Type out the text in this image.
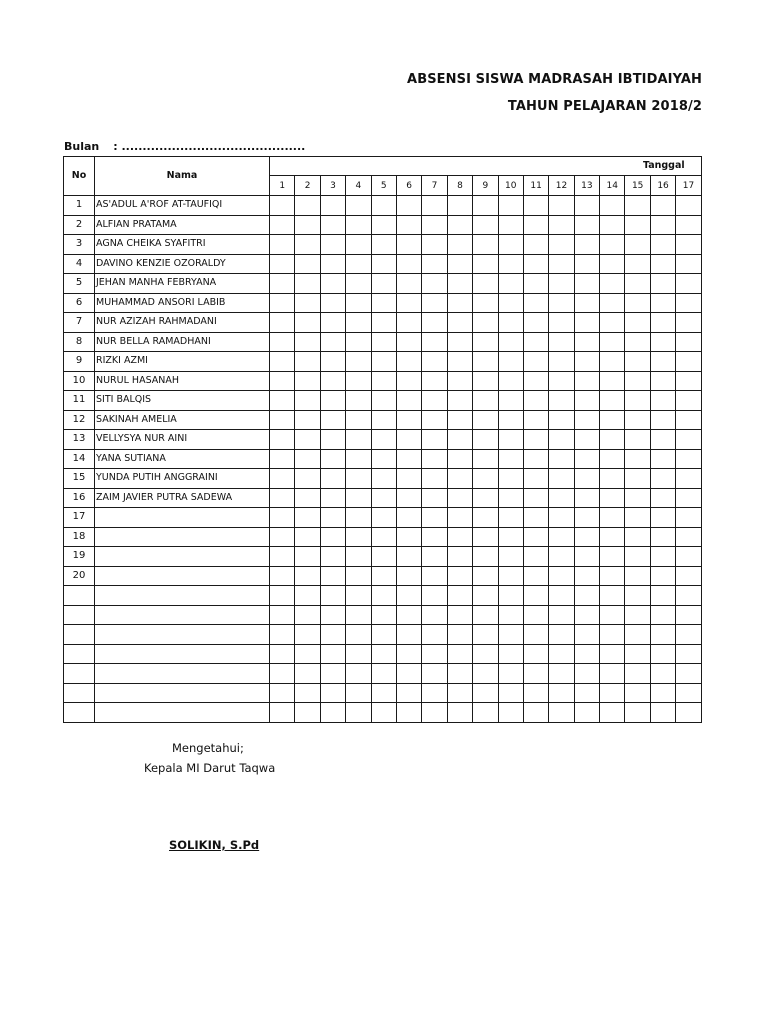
ABSENSI SISWA MADRASAH IBTIDAIYAH
TAHUN PELAJARAN 2018/2
Bulan : ............................................
No	Nama	Tanggal																
		1	2	3	4	5	6	7	8	9	10	11	12	13	14	15	16	17
1	AS'ADUL A'ROF AT-TAUFIQI																	
2	ALFIAN PRATAMA																	
3	AGNA CHEIKA SYAFITRI																	
4	DAVINO KENZIE OZORALDY																	
5	JEHAN MANHA FEBRYANA																	
6	MUHAMMAD ANSORI LABIB																	
7	NUR AZIZAH RAHMADANI																	
8	NUR BELLA RAMADHANI																	
9	RIZKI AZMI																	
10	NURUL HASANAH																	
11	SITI BALQIS																	
12	SAKINAH AMELIA																	
13	VELLYSYA NUR AINI																	
14	YANA SUTIANA																	
15	YUNDA PUTIH ANGGRAINI																	
16	ZAIM JAVIER PUTRA SADEWA																	
17																		
18																		
19																		
20																		

Mengetahui;
Kepala MI Darut Taqwa
SOLIKIN, S.Pd
